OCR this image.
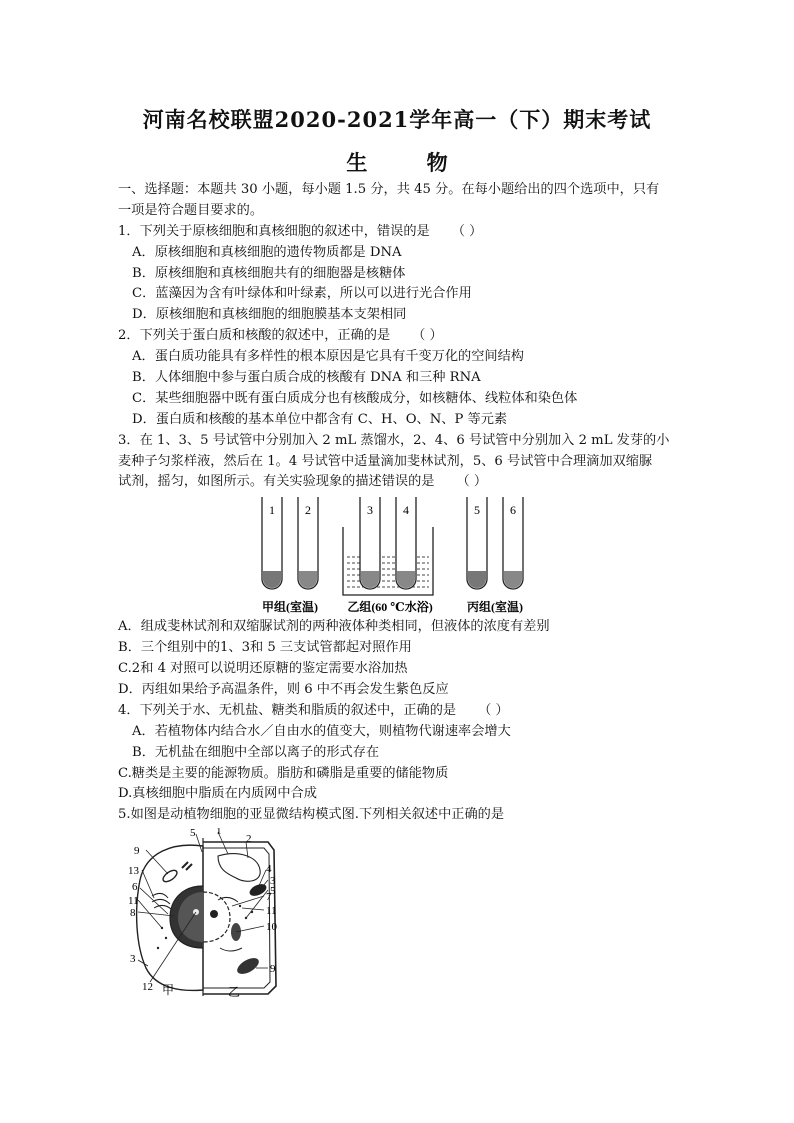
河南名校联盟2020-2021学年高一（下）期末考试
生 物
一、选择题：本题共 30 小题，每小题 1.5 分，共 45 分。在每小题给出的四个选项中，只有
一项是符合题目要求的。
1．下列关于原核细胞和真核细胞的叙述中，错误的是 （ ）
A．原核细胞和真核细胞的遗传物质都是 DNA
B．原核细胞和真核细胞共有的细胞器是核糖体
C．蓝藻因为含有叶绿体和叶绿素，所以可以进行光合作用
D．原核细胞和真核细胞的细胞膜基本支架相同
2．下列关于蛋白质和核酸的叙述中，正确的是 （ ）
A．蛋白质功能具有多样性的根本原因是它具有千变万化的空间结构
B．人体细胞中参与蛋白质合成的核酸有 DNA 和三种 RNA
C．某些细胞器中既有蛋白质成分也有核酸成分，如核糖体、线粒体和染色体
D．蛋白质和核酸的基本单位中都含有 C、H、O、N、P 等元素
3．在 1、3、5 号试管中分别加入 2 mL 蒸馏水，2、4、6 号试管中分别加入 2 mL 发芽的小
麦种子匀浆样液，然后在 1。4 号试管中适量滴加斐林试剂，5、6 号试管中合理滴加双缩脲
试剂，摇匀，如图所示。有关实验现象的描述错误的是 （ ）
1	2	3	4	5	6
甲组(室温) 乙组(60 ℃水浴)	丙组(室温)
A．组成斐林试剂和双缩脲试剂的两种液体种类相同，但液体的浓度有差别
B．三个组别中的1、3和 5 三支试管都起对照作用
C.2和 4 对照可以说明还原糖的鉴定需要水浴加热
D．丙组如果给予高温条件，则 6 中不再会发生紫色反应
4．下列关于水、无机盐、糖类和脂质的叙述中，正确的是 （ ）
A．若植物体内结合水／自由水的值变大，则植物代谢速率会增大
B．无机盐在细胞中全部以离子的形式存在
C.糖类是主要的能源物质。脂肪和磷脂是重要的储能物质
D.真核细胞中脂质在内质网中合成
5.如图是动植物细胞的亚显微结构模式图.下列相关叙述中正确的是
5 1
2
9
13	4
3
5
6
7
11
8	11
10
3
9
12 甲	乙
